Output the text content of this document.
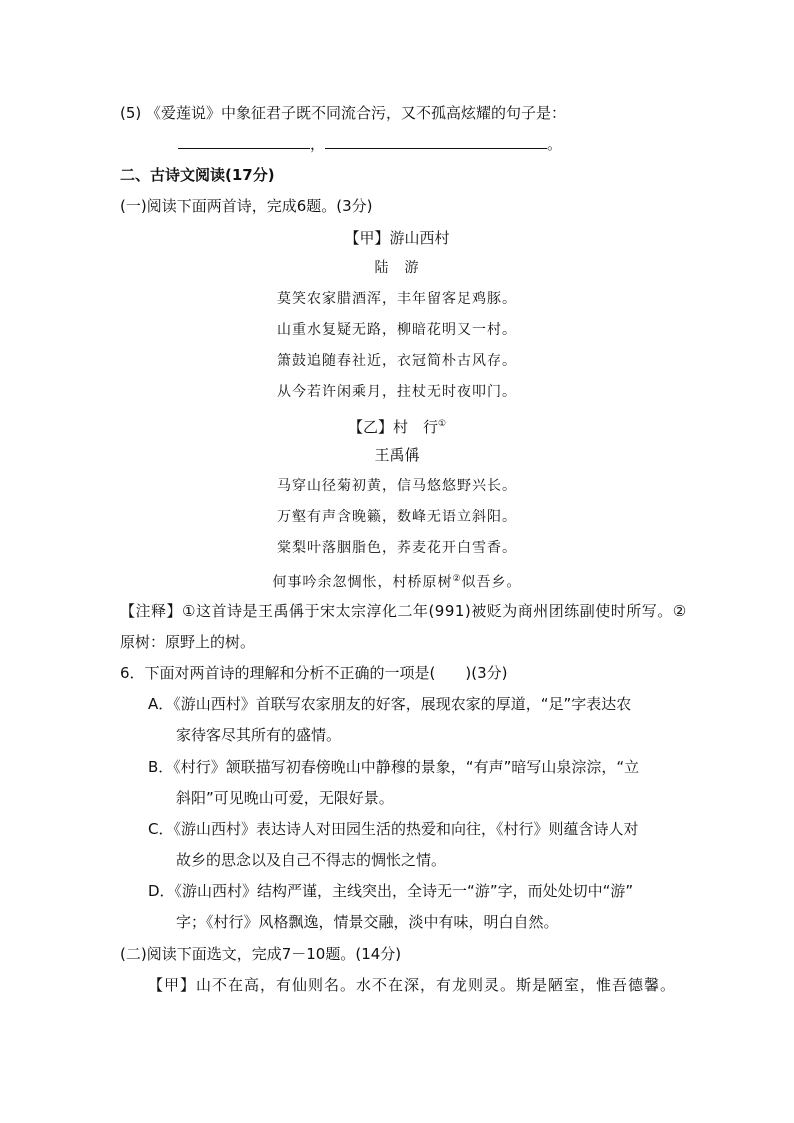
(5) 《爱莲说》中象征君子既不同流合污，又不孤高炫耀的句子是：
，	。
二、古诗文阅读(17分)
(一)阅读下面两首诗，完成6题。(3分)
【甲】游山西村
陆　游
莫笑农家腊酒浑，丰年留客足鸡豚。
山重水复疑无路，柳暗花明又一村。
箫鼓追随春社近，衣冠简朴古风存。
从今若许闲乘月，拄杖无时夜叩门。
【乙】村　行①
王禹偁
马穿山径菊初黄，信马悠悠野兴长。
万壑有声含晚籁，数峰无语立斜阳。
棠梨叶落胭脂色，荞麦花开白雪香。
何事吟余忽惆怅，村桥原树②似吾乡。
【注释】①这首诗是王禹偁于宋太宗淳化二年(991)被贬为商州团练副使时所写。②
原树：原野上的树。
6．下面对两首诗的理解和分析不正确的一项是(　　)(3分)
A．《游山西村》首联写农家朋友的好客，展现农家的厚道，“足”字表达农
家待客尽其所有的盛情。
B．《村行》颔联描写初春傍晚山中静穆的景象，“有声”暗写山泉淙淙，“立
斜阳”可见晚山可爱，无限好景。
C．《游山西村》表达诗人对田园生活的热爱和向往，《村行》则蕴含诗人对
故乡的思念以及自己不得志的惆怅之情。
D．《游山西村》结构严谨，主线突出，全诗无一“游”字，而处处切中“游”
字；《村行》风格飘逸，情景交融，淡中有味，明白自然。
(二)阅读下面选文，完成7－10题。(14分)
【甲】山不在高，有仙则名。水不在深，有龙则灵。斯是陋室，惟吾德馨。
